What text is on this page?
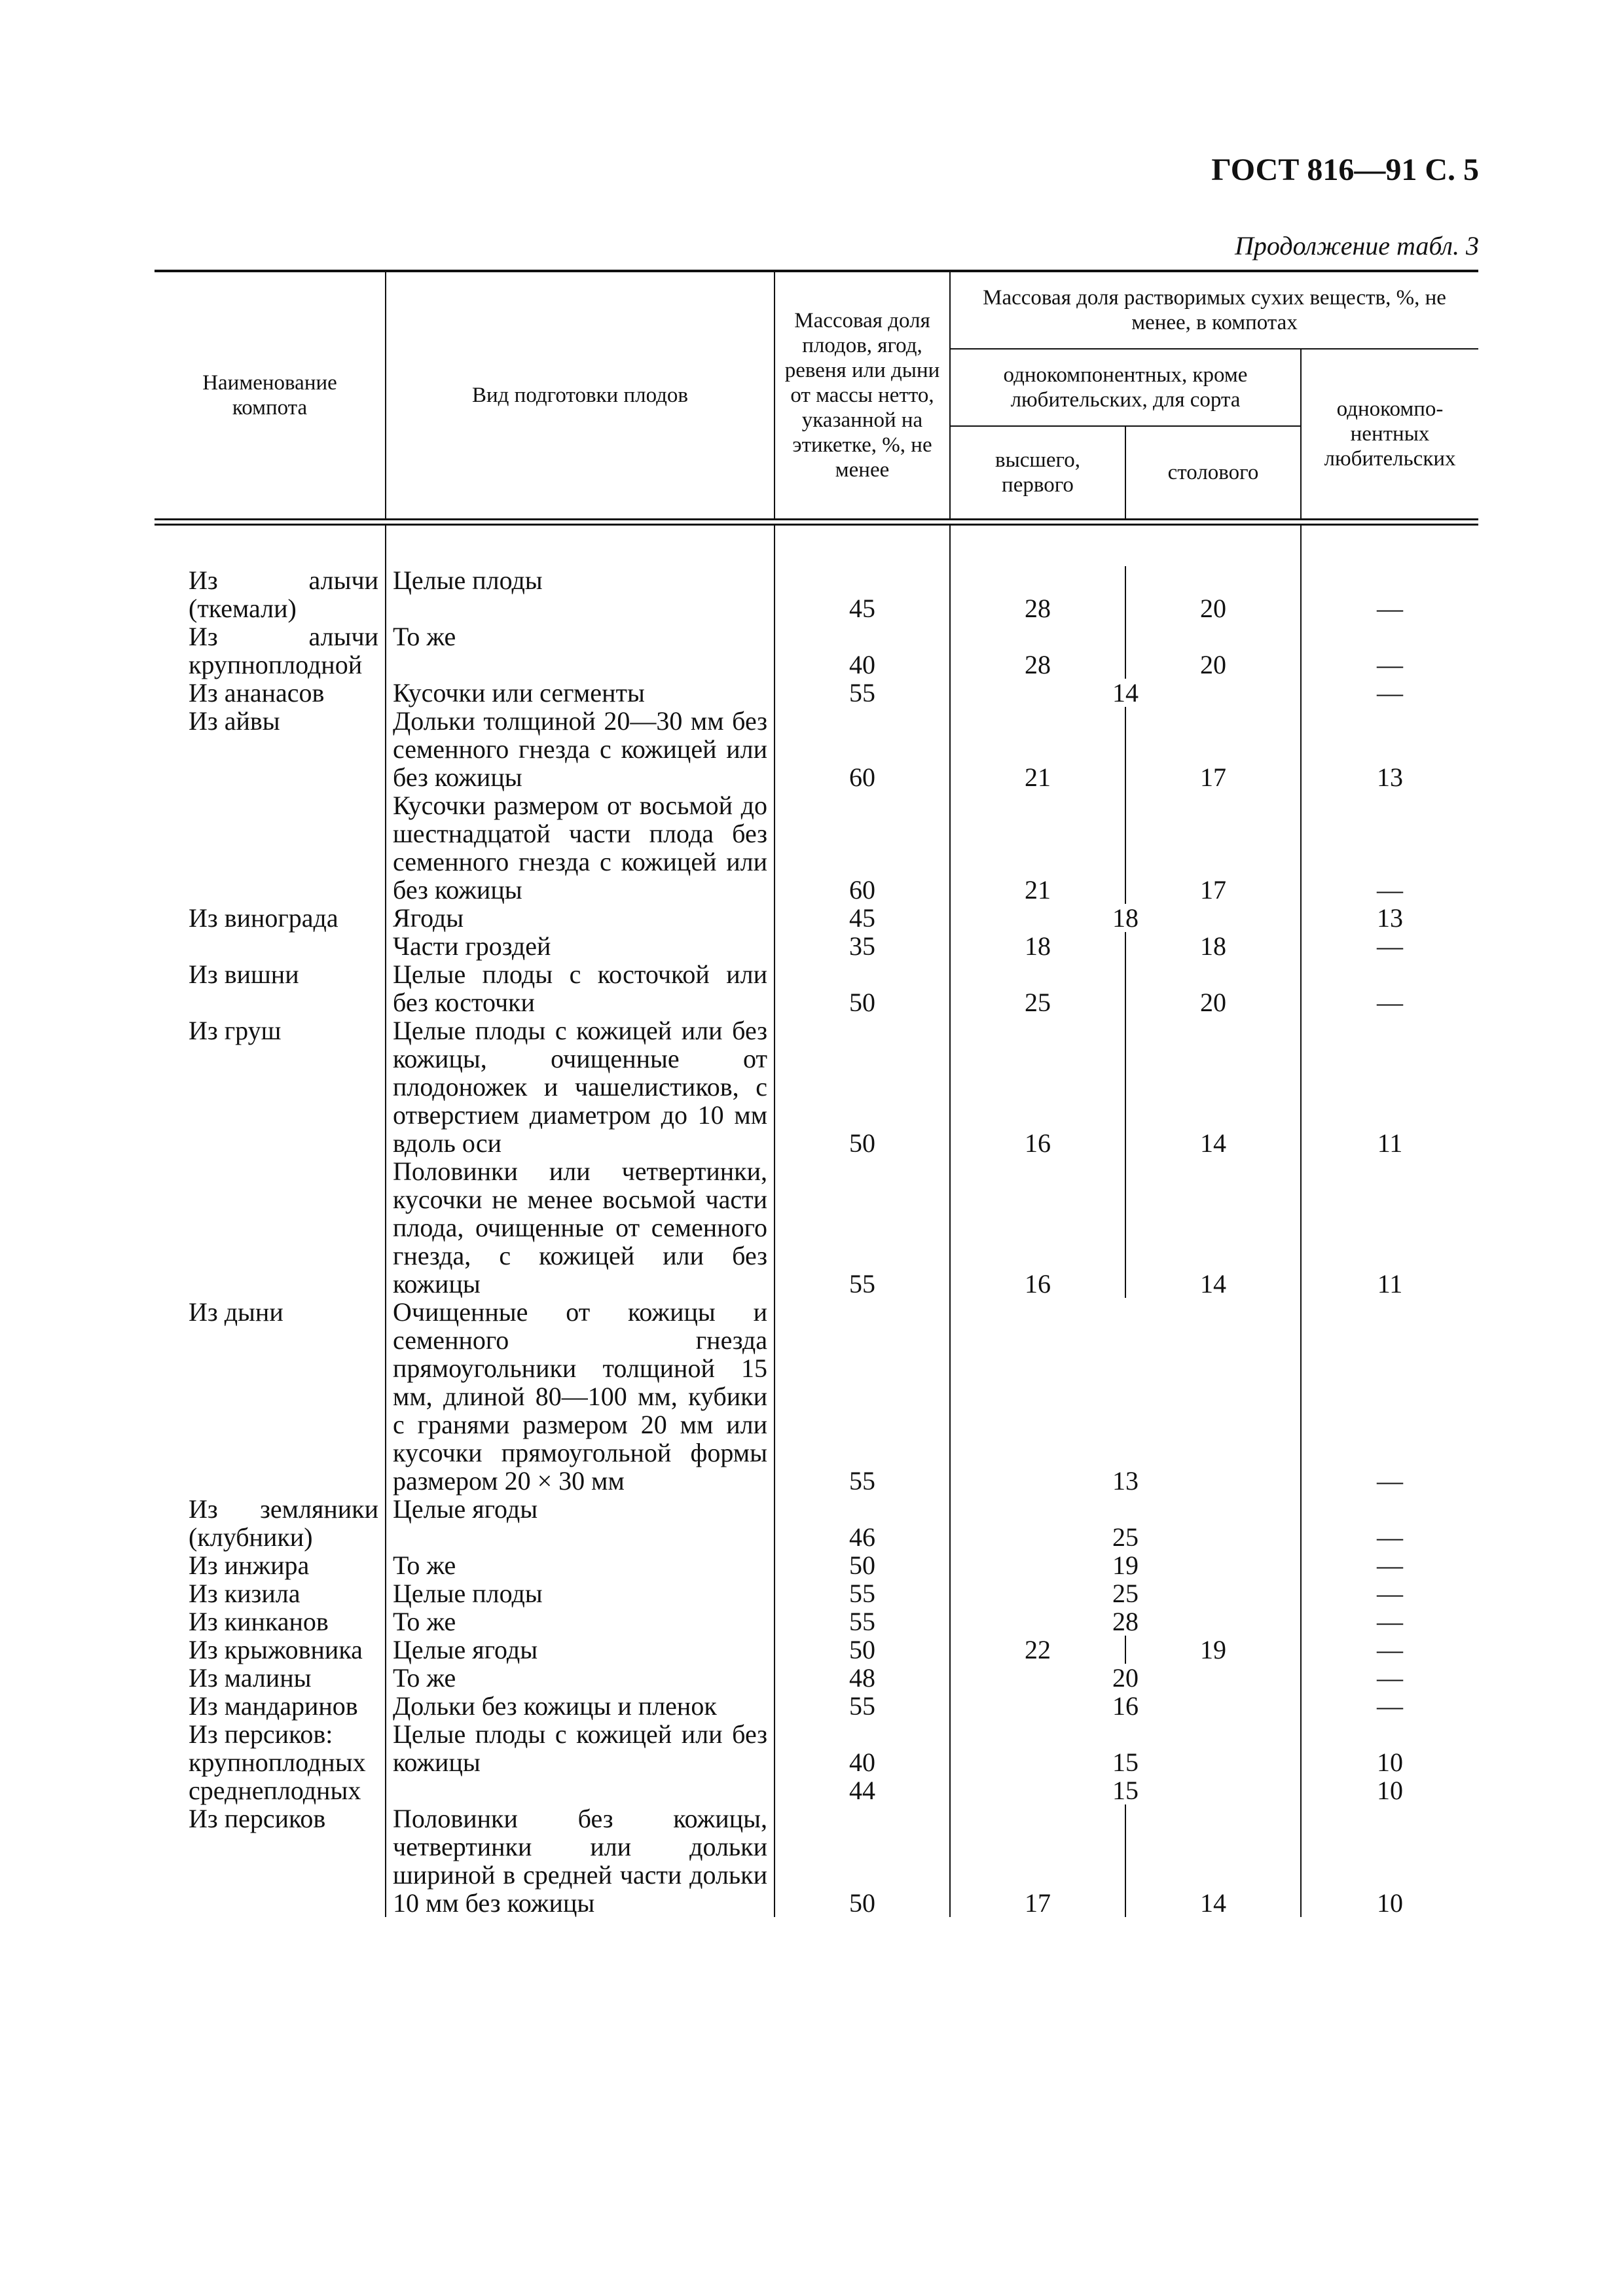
ГОСТ 816—91 С. 5
Продолжение табл. 3
Наименование компота	Вид подготовки плодов	Массовая доля плодов, ягод, ревеня или дыни от массы нетто, указанной на этикетке, %, не менее	Массовая доля растворимых сухих веществ, %, не менее, в компотах		
			однокомпонентных, кроме любительских, для сорта		однокомпо-нентных любительских
			высшего, первого	столового	

Из алычи (ткемали)	Целые плоды	45	28	20	—

Из алычи крупноплодной	То же	40	28	20	—

Из ананасов	Кусочки или сегменты	55	14		—

Из айвы	Дольки толщиной 20—30 мм без семенного гнезда с кожицей или без кожицы	60	21	17	13

	Кусочки размером от восьмой до шестнадцатой части плода без семенного гнезда с кожицей или без кожицы	60	21	17	—

Из винограда	Ягоды	45	18		13

	Части гроздей	35	18	18	—

Из вишни	Целые плоды с косточкой или без косточки	50	25	20	—

Из груш	Целые плоды с кожицей или без кожицы, очищенные от плодоножек и чашелистиков, с отверстием диаметром до 10 мм вдоль оси	50	16	14	11

	Половинки или четвертинки, кусочки не менее восьмой части плода, очищенные от семенного гнезда, с кожицей или без кожицы	55	16	14	11

Из дыни	Очищенные от кожицы и семенного гнезда прямоугольники толщиной 15 мм, длиной 80—100 мм, кубики с гранями размером 20 мм или кусочки прямоугольной формы размером 20 × 30 мм	55	13		—

Из земляники (клубники)	Целые ягоды	46	25		—

Из инжира	То же	50	19		—

Из кизила	Целые плоды	55	25		—

Из кинканов	То же	55	28		—

Из крыжовника	Целые ягоды	50	22	19	—

Из малины	То же	48	20		—

Из мандаринов	Дольки без кожицы и пленок	55	16		—

Из персиков:	Целые плоды с кожицей или без кожицы				

крупноплодных		40	15		10

среднеплодных		44	15		10

Из персиков	Половинки без кожицы, четвертинки или дольки шириной в средней части дольки 10 мм без кожицы	50	17	14	10
